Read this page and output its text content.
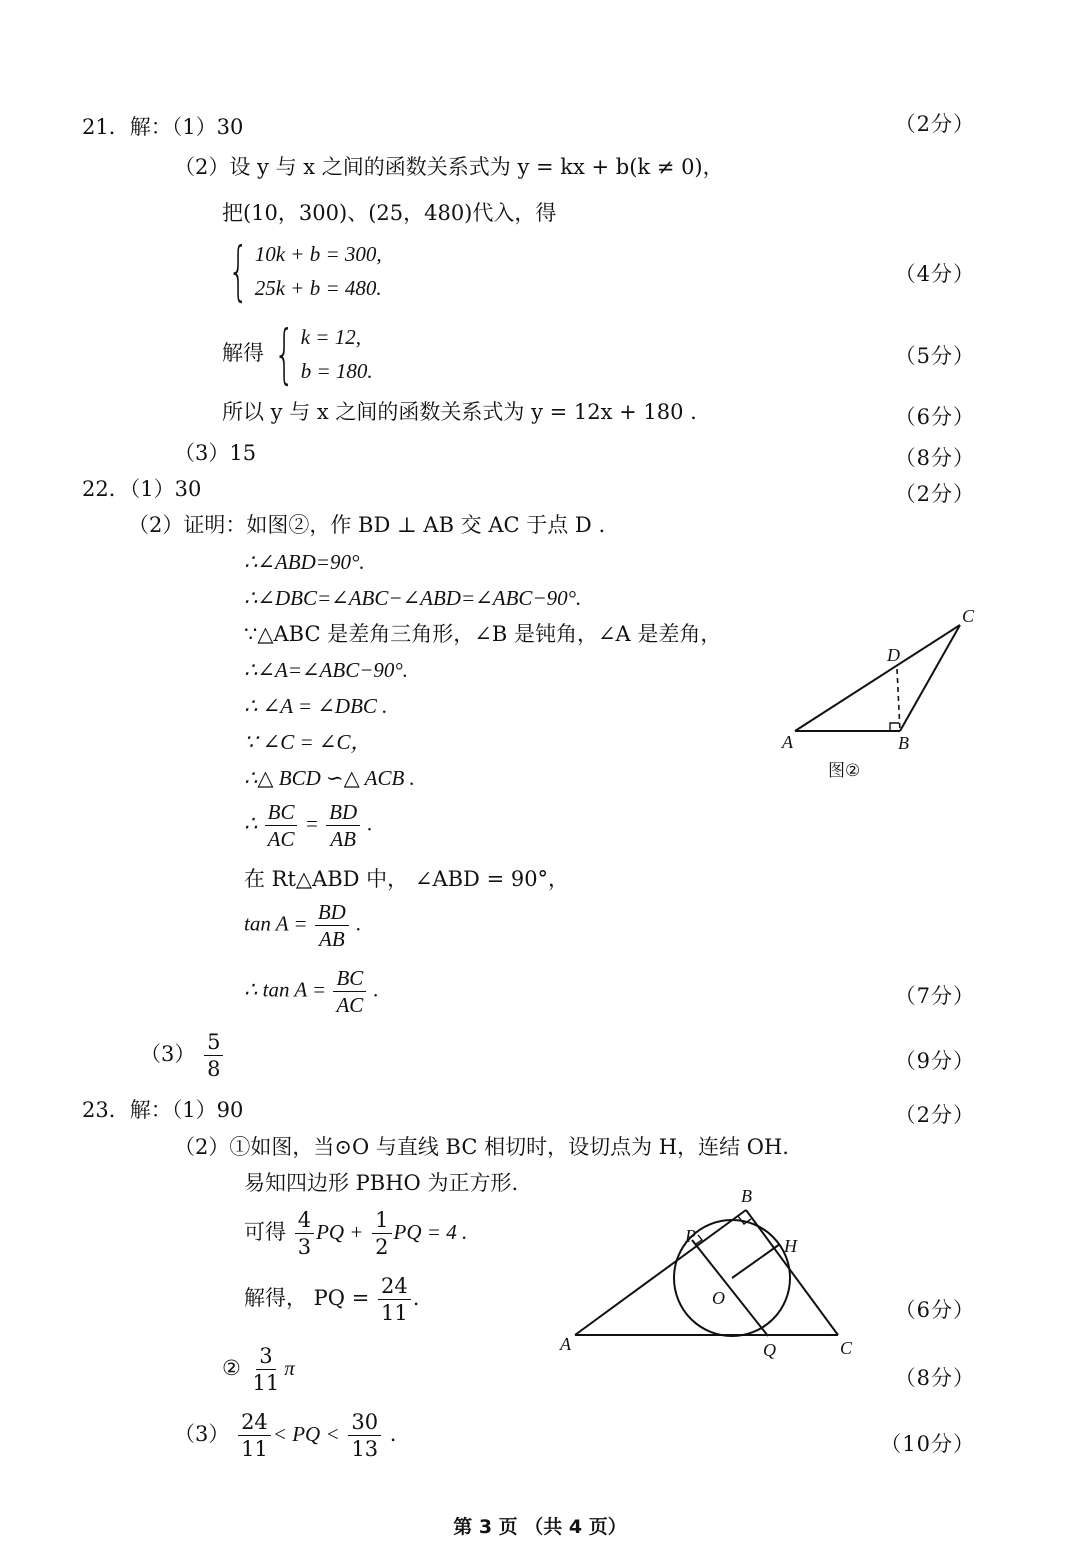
21．解：（1）30	（2分）
（2）设 y 与 x 之间的函数关系式为 y = kx + b(k ≠ 0)，
把(10，300)、(25，480)代入，得
{ 10k + b = 300,
25k + b = 480.
（4分）
解得 { k = 12,
b = 180.
（5分）
所以 y 与 x 之间的函数关系式为 y = 12x + 180 .	（6分）
（3）15	（8分）
22．（1）30	（2分）
（2）证明：如图②，作 BD ⊥ AB 交 AC 于点 D .
∴∠ABD=90°.
∴∠DBC=∠ABC−∠ABD=∠ABC−90°.
∵△ABC 是差角三角形，∠B 是钝角，∠A 是差角，
∴∠A=∠ABC−90°.
∴ ∠A = ∠DBC .
∵ ∠C = ∠C，
∴△ BCD ∽△ ACB .
∴ $\frac{BC}{AC} = \frac{BD}{AB}$ .
在 Rt△ABD 中， ∠ABD = 90°，
$\tan A = \frac{BD}{AB}$ .
∴ $\tan A = \frac{BC}{AC}$ .	（7分）
$(3) \frac{5}{8}$	（9分）
A	B
C
D
图②
23．解：（1）90	（2分）
（2）①如图，当⊙O 与直线 BC 相切时，设切点为 H，连结 OH.
易知四边形 PBHO 为正方形.
可得 $\frac{4}{3}$ PQ + $\frac{1}{2}$ PQ = 4 .
解得， PQ = $\frac{24}{11}$ .	（6分）
② $\frac{3}{11}$ π	（8分）
$(3) \frac{24}{11}$ < PQ < $\frac{30}{13}$ .	（10分）
A
B
C
P	H
O
Q
第 3 页 （共 4 页）
